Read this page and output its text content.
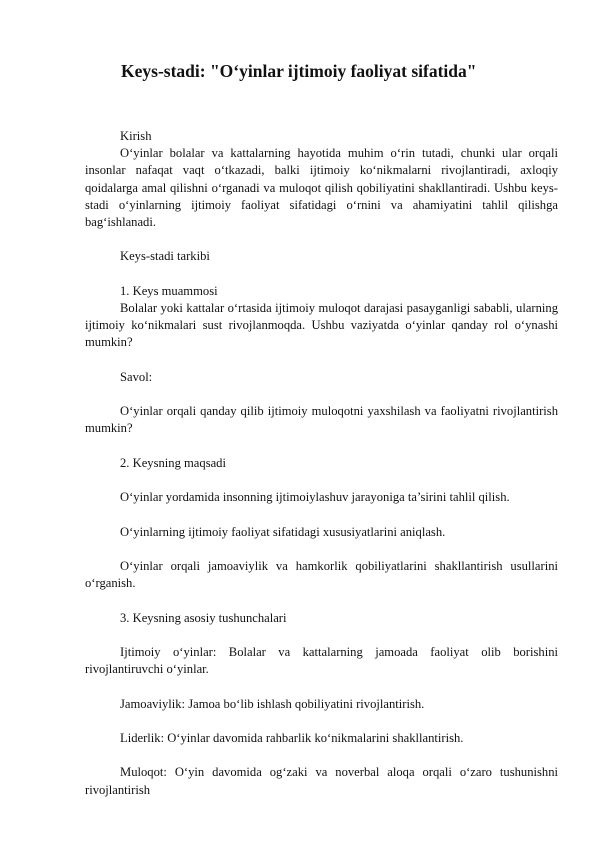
Keys-stadi: "O‘yinlar ijtimoiy faoliyat sifatida"

Kirish

O‘yinlar bolalar va kattalarning hayotida muhim o‘rin tutadi, chunki ular orqali insonlar nafaqat vaqt o‘tkazadi, balki ijtimoiy ko‘nikmalarni rivojlantiradi, axloqiy qoidalarga amal qilishni o‘rganadi va muloqot qilish qobiliyatini shakllantiradi. Ushbu keys-stadi o‘yinlarning ijtimoiy faoliyat sifatidagi o‘rnini va ahamiyatini tahlil qilishga bag‘ishlanadi.

Keys-stadi tarkibi

1. Keys muammosi

Bolalar yoki kattalar o‘rtasida ijtimoiy muloqot darajasi pasayganligi sababli, ularning ijtimoiy ko‘nikmalari sust rivojlanmoqda. Ushbu vaziyatda o‘yinlar qanday rol o‘ynashi mumkin?

Savol:

O‘yinlar orqali qanday qilib ijtimoiy muloqotni yaxshilash va faoliyatni rivojlantirish mumkin?

2. Keysning maqsadi

O‘yinlar yordamida insonning ijtimoiylashuv jarayoniga ta’sirini tahlil qilish.

O‘yinlarning ijtimoiy faoliyat sifatidagi xususiyatlarini aniqlash.

O‘yinlar orqali jamoaviylik va hamkorlik qobiliyatlarini shakllantirish usullarini o‘rganish.

3. Keysning asosiy tushunchalari

Ijtimoiy o‘yinlar: Bolalar va kattalarning jamoada faoliyat olib borishini rivojlantiruvchi o‘yinlar.

Jamoaviylik: Jamoa bo‘lib ishlash qobiliyatini rivojlantirish.

Liderlik: O‘yinlar davomida rahbarlik ko‘nikmalarini shakllantirish.

Muloqot: O‘yin davomida og‘zaki va noverbal aloqa orqali o‘zaro tushunishni rivojlantirish
